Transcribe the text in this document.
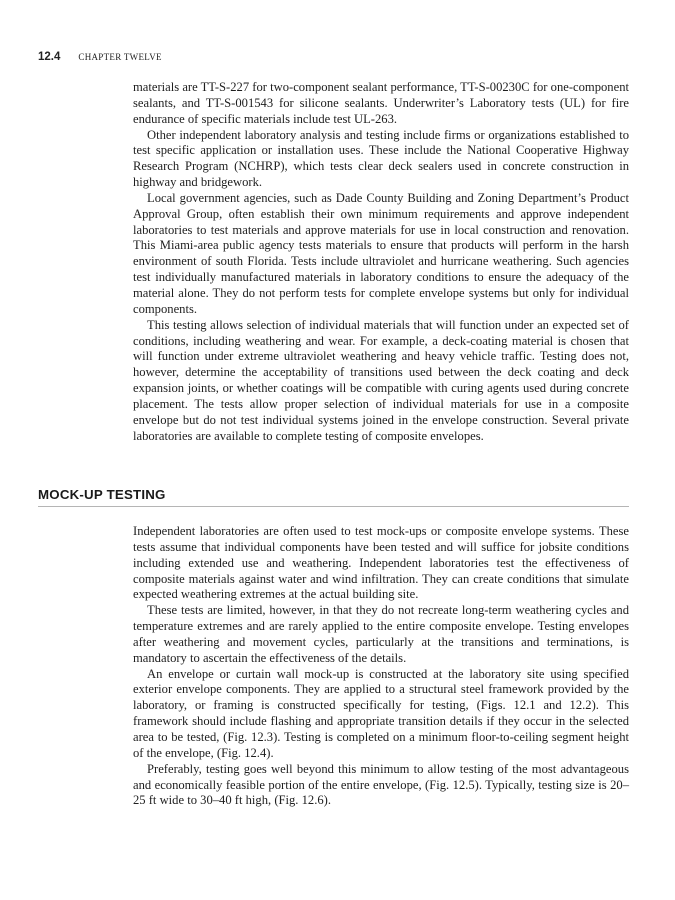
12.4 CHAPTER TWELVE

materials are TT-S-227 for two-component sealant performance, TT-S-00230C for one-component sealants, and TT-S-001543 for silicone sealants. Underwriter’s Laboratory tests (UL) for fire endurance of specific materials include test UL-263.

Other independent laboratory analysis and testing include firms or organizations established to test specific application or installation uses. These include the National Cooperative Highway Research Program (NCHRP), which tests clear deck sealers used in concrete construction in highway and bridgework.

Local government agencies, such as Dade County Building and Zoning Department’s Product Approval Group, often establish their own minimum requirements and approve independent laboratories to test materials and approve materials for use in local construction and renovation. This Miami-area public agency tests materials to ensure that products will perform in the harsh environment of south Florida. Tests include ultraviolet and hurricane weathering. Such agencies test individually manufactured materials in laboratory conditions to ensure the adequacy of the material alone. They do not perform tests for complete envelope systems but only for individual components.

This testing allows selection of individual materials that will function under an expected set of conditions, including weathering and wear. For example, a deck-coating material is chosen that will function under extreme ultraviolet weathering and heavy vehicle traffic. Testing does not, however, determine the acceptability of transitions used between the deck coating and deck expansion joints, or whether coatings will be compatible with curing agents used during concrete placement. The tests allow proper selection of individual materials for use in a composite envelope but do not test individual systems joined in the envelope construction. Several private laboratories are available to complete testing of composite envelopes.

MOCK-UP TESTING

Independent laboratories are often used to test mock-ups or composite envelope systems. These tests assume that individual components have been tested and will suffice for jobsite conditions including extended use and weathering. Independent laboratories test the effectiveness of composite materials against water and wind infiltration. They can create conditions that simulate expected weathering extremes at the actual building site.

These tests are limited, however, in that they do not recreate long-term weathering cycles and temperature extremes and are rarely applied to the entire composite envelope. Testing envelopes after weathering and movement cycles, particularly at the transitions and terminations, is mandatory to ascertain the effectiveness of the details.

An envelope or curtain wall mock-up is constructed at the laboratory site using specified exterior envelope components. They are applied to a structural steel framework provided by the laboratory, or framing is constructed specifically for testing, (Figs. 12.1 and 12.2). This framework should include flashing and appropriate transition details if they occur in the selected area to be tested, (Fig. 12.3). Testing is completed on a minimum floor-to-ceiling segment height of the envelope, (Fig. 12.4).

Preferably, testing goes well beyond this minimum to allow testing of the most advantageous and economically feasible portion of the entire envelope, (Fig. 12.5). Typically, testing size is 20–25 ft wide to 30–40 ft high, (Fig. 12.6).
